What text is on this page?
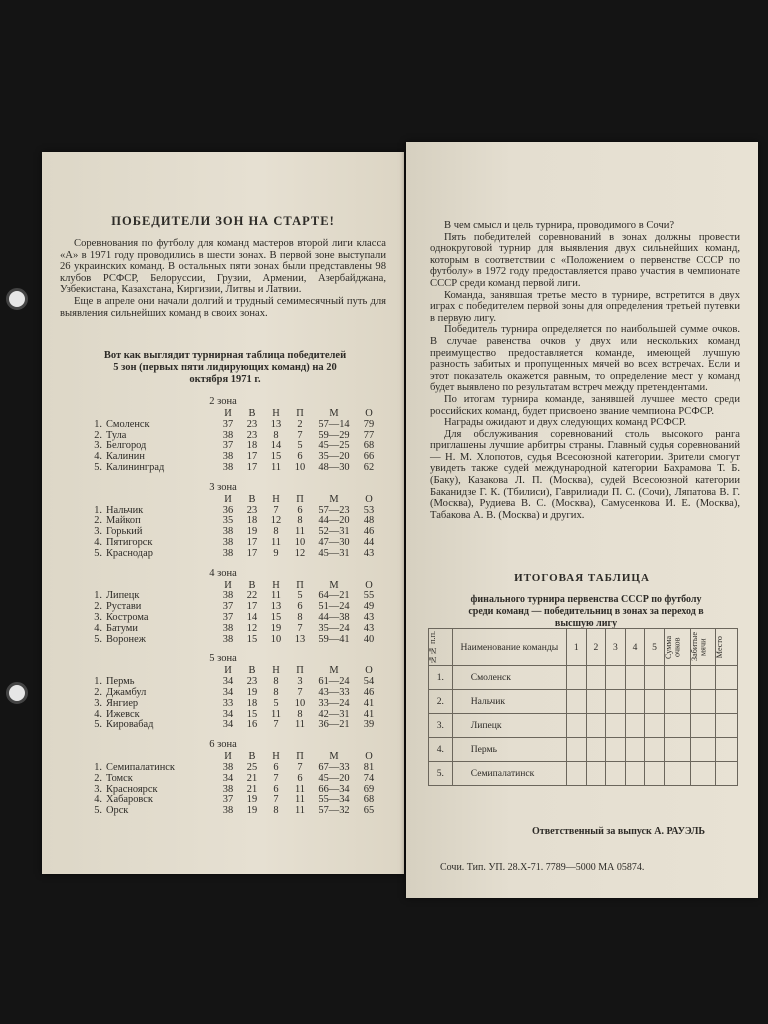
ПОБЕДИТЕЛИ ЗОН НА СТАРТЕ!

Соревнования по футболу для команд мастеров второй лиги класса «А» в 1971 году проводились в шести зонах. В первой зоне выступали 26 украинских команд. В остальных пяти зонах были представлены 98 клубов РСФСР, Белоруссии, Грузии, Армении, Азербайджана, Узбекистана, Казахстана, Киргизии, Литвы и Латвии.

Еще в апреле они начали долгий и трудный семимесячный путь для выявления сильнейших команд в своих зонах.

Вот как выглядит турнирная таблица победителей 5 зон (первых пяти лидирующих команд) на 20 октября 1971 г.
2 зона
		И	В	Н	П	М	О
1.	Смоленск	37	23	13	2	57—14	79
2.	Тула	38	23	8	7	59—29	77
3.	Белгород	37	18	14	5	45—25	68
4.	Калинин	38	17	15	6	35—20	66
5.	Калининград	38	17	11	10	48—30	62
3 зона
		И	В	Н	П	М	О
1.	Нальчик	36	23	7	6	57—23	53
2.	Майкоп	35	18	12	8	44—20	48
3.	Горький	38	19	8	11	52—31	46
4.	Пятигорск	38	17	11	10	47—30	44
5.	Краснодар	38	17	9	12	45—31	43
4 зона
		И	В	Н	П	М	О
1.	Липецк	38	22	11	5	64—21	55
2.	Рустави	37	17	13	6	51—24	49
3.	Кострома	37	14	15	8	44—38	43
4.	Батуми	38	12	19	7	35—24	43
5.	Воронеж	38	15	10	13	59—41	40
5 зона
		И	В	Н	П	М	О
1.	Пермь	34	23	8	3	61—24	54
2.	Джамбул	34	19	8	7	43—33	46
3.	Янгиер	33	18	5	10	33—24	41
4.	Ижевск	34	15	11	8	42—31	41
5.	Кировабад	34	16	7	11	36—21	39
6 зона
		И	В	Н	П	М	О
1.	Семипалатинск	38	25	6	7	67—33	81
2.	Томск	34	21	7	6	45—20	74
3.	Красноярск	38	21	6	11	66—34	69
4.	Хабаровск	37	19	7	11	55—34	68
5.	Орск	38	19	8	11	57—32	65

В чем смысл и цель турнира, проводимого в Сочи?

Пять победителей соревнований в зонах должны провести однокруговой турнир для выявления двух сильнейших команд, которым в соответствии с «Положением о первенстве СССР по футболу» в 1972 году предоставляется право участия в чемпионате СССР среди команд первой лиги.

Команда, занявшая третье место в турнире, встретится в двух играх с победителем первой зоны для определения третьей путевки в первую лигу.

Победитель турнира определяется по наибольшей сумме очков. В случае равенства очков у двух или нескольких команд преимущество предоставляется команде, имеющей лучшую разность забитых и пропущенных мячей во всех встречах. Если и этот показатель окажется равным, то определение мест у команд будет выявлено по результатам встреч между претендентами.

По итогам турнира команде, занявшей лучшее место среди российских команд, будет присвоено звание чемпиона РСФСР.

Награды ожидают и двух следующих команд РСФСР.

Для обслуживания соревнований столь высокого ранга приглашены лучшие арбитры страны. Главный судья соревнований — Н. М. Хлопотов, судья Всесоюзной категории. Зрители смогут увидеть также судей международной категории Бахрамова Т. Б. (Баку), Казакова Л. П. (Москва), судей Всесоюзной категории Баканидзе Г. К. (Тбилиси), Гаврилиади П. С. (Сочи), Ляпатова В. Г. (Москва), Рудиева В. С. (Москва), Самусенкова И. Е. (Москва), Табакова А. В. (Москва) и других.

ИТОГОВАЯ ТАБЛИЦА
финального турнира первенства СССР по футболу среди команд — победительниц в зонах за переход в высшую лигу
№№ п.п.	Наименование команды	1	2	3	4	5	Сумма очков	Забитые мячи	Место

1.	Смоленск								
2.	Нальчик								
3.	Липецк								
4.	Пермь								
5.	Семипалатинск								
Ответственный за выпуск А. РАУЭЛЬ
Сочи. Тип. УП. 28.X-71. 7789—5000 МА 05874.
